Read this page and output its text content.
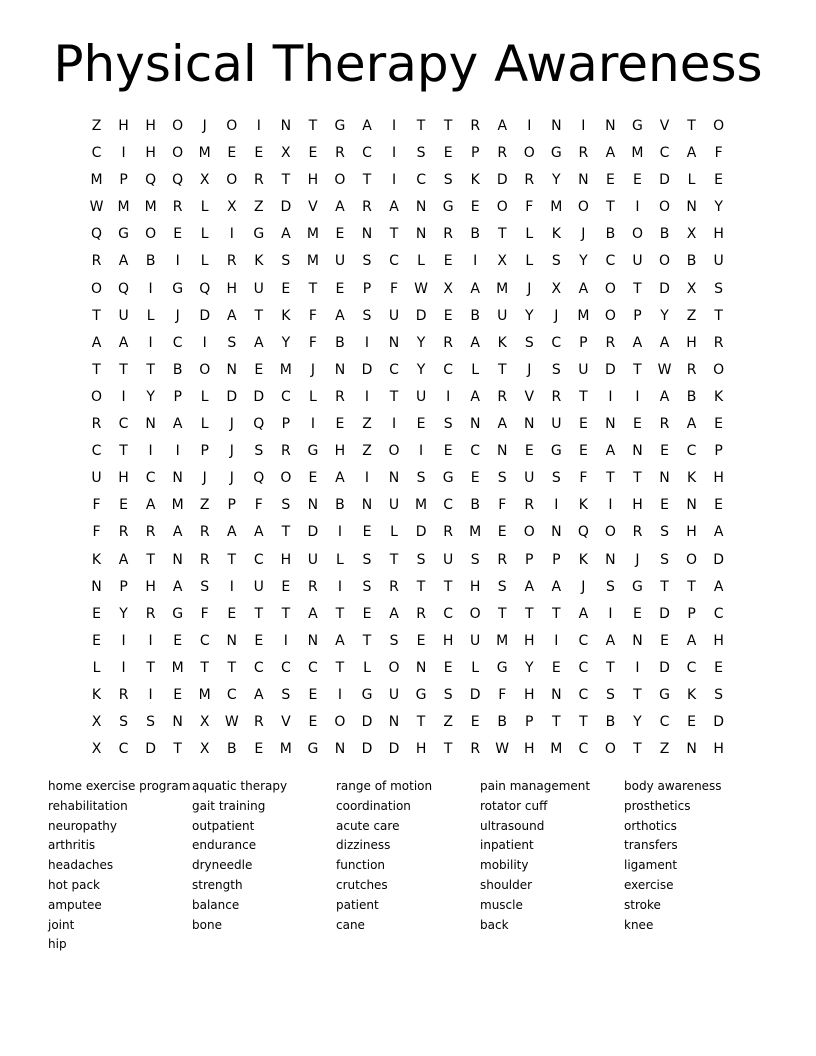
Physical Therapy Awareness
Z	H	H	O	J	O	I	N	T	G	A	I	T	T	R	A	I	N	I	N	G	V	T	O
C	I	H	O	M	E	E	X	E	R	C	I	S	E	P	R	O	G	R	A	M	C	A	F
M	P	Q	Q	X	O	R	T	H	O	T	I	C	S	K	D	R	Y	N	E	E	D	L	E
W	M	M	R	L	X	Z	D	V	A	R	A	N	G	E	O	F	M	O	T	I	O	N	Y
Q	G	O	E	L	I	G	A	M	E	N	T	N	R	B	T	L	K	J	B	O	B	X	H
R	A	B	I	L	R	K	S	M	U	S	C	L	E	I	X	L	S	Y	C	U	O	B	U
O	Q	I	G	Q	H	U	E	T	E	P	F	W	X	A	M	J	X	A	O	T	D	X	S
T	U	L	J	D	A	T	K	F	A	S	U	D	E	B	U	Y	J	M	O	P	Y	Z	T
A	A	I	C	I	S	A	Y	F	B	I	N	Y	R	A	K	S	C	P	R	A	A	H	R
T	T	T	B	O	N	E	M	J	N	D	C	Y	C	L	T	J	S	U	D	T	W	R	O
O	I	Y	P	L	D	D	C	L	R	I	T	U	I	A	R	V	R	T	I	I	A	B	K
R	C	N	A	L	J	Q	P	I	E	Z	I	E	S	N	A	N	U	E	N	E	R	A	E
C	T	I	I	P	J	S	R	G	H	Z	O	I	E	C	N	E	G	E	A	N	E	C	P
U	H	C	N	J	J	Q	O	E	A	I	N	S	G	E	S	U	S	F	T	T	N	K	H
F	E	A	M	Z	P	F	S	N	B	N	U	M	C	B	F	R	I	K	I	H	E	N	E
F	R	R	A	R	A	A	T	D	I	E	L	D	R	M	E	O	N	Q	O	R	S	H	A
K	A	T	N	R	T	C	H	U	L	S	T	S	U	S	R	P	P	K	N	J	S	O	D
N	P	H	A	S	I	U	E	R	I	S	R	T	T	H	S	A	A	J	S	G	T	T	A
E	Y	R	G	F	E	T	T	A	T	E	A	R	C	O	T	T	T	A	I	E	D	P	C
E	I	I	E	C	N	E	I	N	A	T	S	E	H	U	M	H	I	C	A	N	E	A	H
L	I	T	M	T	T	C	C	C	T	L	O	N	E	L	G	Y	E	C	T	I	D	C	E
K	R	I	E	M	C	A	S	E	I	G	U	G	S	D	F	H	N	C	S	T	G	K	S
X	S	S	N	X	W	R	V	E	O	D	N	T	Z	E	B	P	T	T	B	Y	C	E	D
X	C	D	T	X	B	E	M	G	N	D	D	H	T	R	W	H	M	C	O	T	Z	N	H
home exercise program
rehabilitation
neuropathy
arthritis
headaches
hot pack
amputee
joint
hip
aquatic therapy
gait training
outpatient
endurance
dryneedle
strength
balance
bone
range of motion
coordination
acute care
dizziness
function
crutches
patient
cane
pain management
rotator cuff
ultrasound
inpatient
mobility
shoulder
muscle
back
body awareness
prosthetics
orthotics
transfers
ligament
exercise
stroke
knee
